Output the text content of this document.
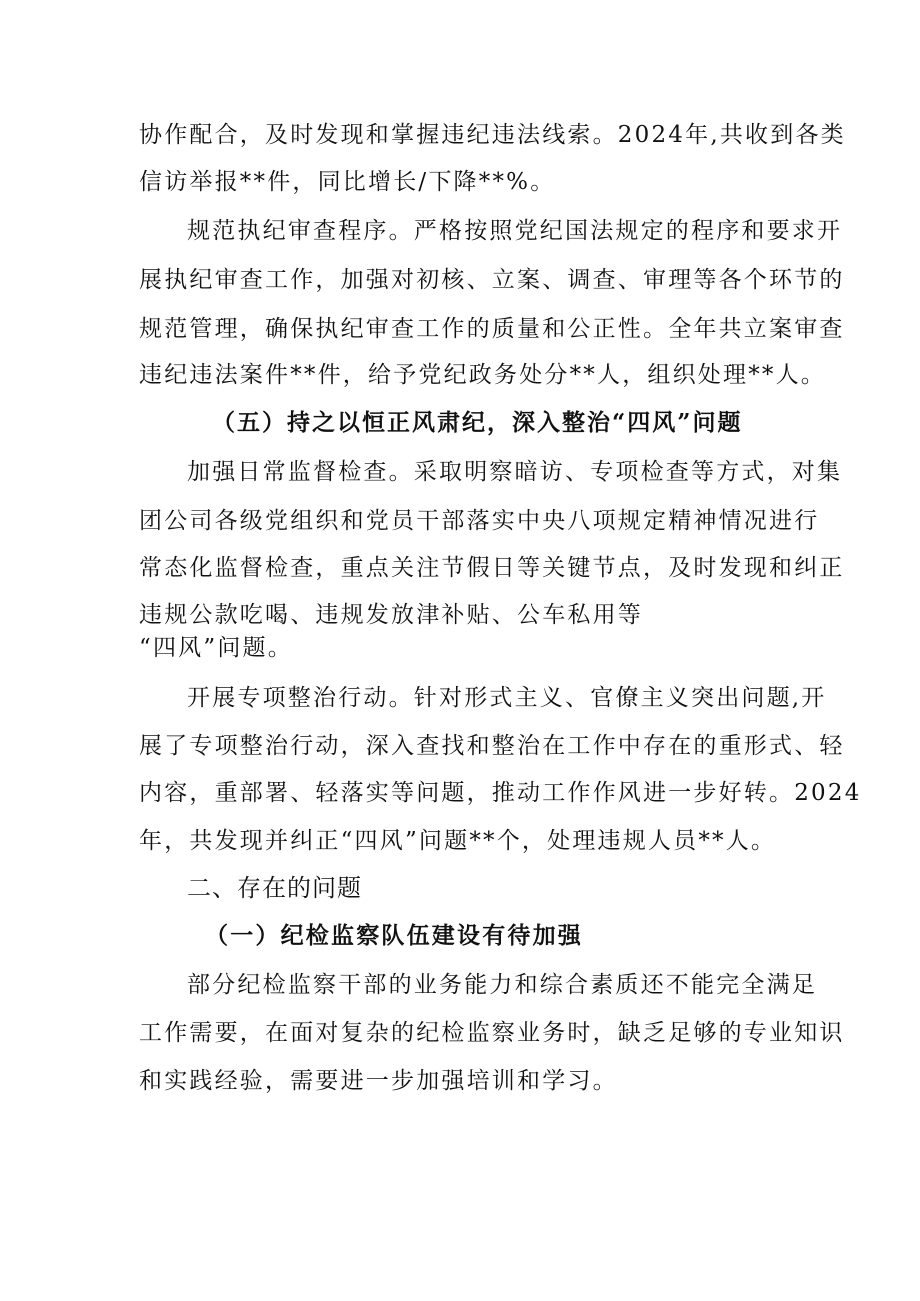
协作配合，及时发现和掌握违纪违法线索。2024年,共收到各类
信访举报**件，同比增长/下降**%。
规范执纪审查程序。严格按照党纪国法规定的程序和要求开
展执纪审查工作，加强对初核、立案、调查、审理等各个环节的
规范管理，确保执纪审查工作的质量和公正性。全年共立案审查
违纪违法案件**件，给予党纪政务处分**人，组织处理**人。
（五）持之以恒正风肃纪，深入整治“四风”问题
加强日常监督检查。采取明察暗访、专项检查等方式，对集
团公司各级党组织和党员干部落实中央八项规定精神情况进行
常态化监督检查，重点关注节假日等关键节点，及时发现和纠正
违规公款吃喝、违规发放津补贴、公车私用等
“四风”问题。
开展专项整治行动。针对形式主义、官僚主义突出问题,开
展了专项整治行动，深入查找和整治在工作中存在的重形式、轻
内容，重部署、轻落实等问题，推动工作作风进一步好转。2024
年，共发现并纠正“四风”问题**个，处理违规人员**人。
二、存在的问题
（一）纪检监察队伍建设有待加强
部分纪检监察干部的业务能力和综合素质还不能完全满足
工作需要，在面对复杂的纪检监察业务时，缺乏足够的专业知识
和实践经验，需要进一步加强培训和学习。
